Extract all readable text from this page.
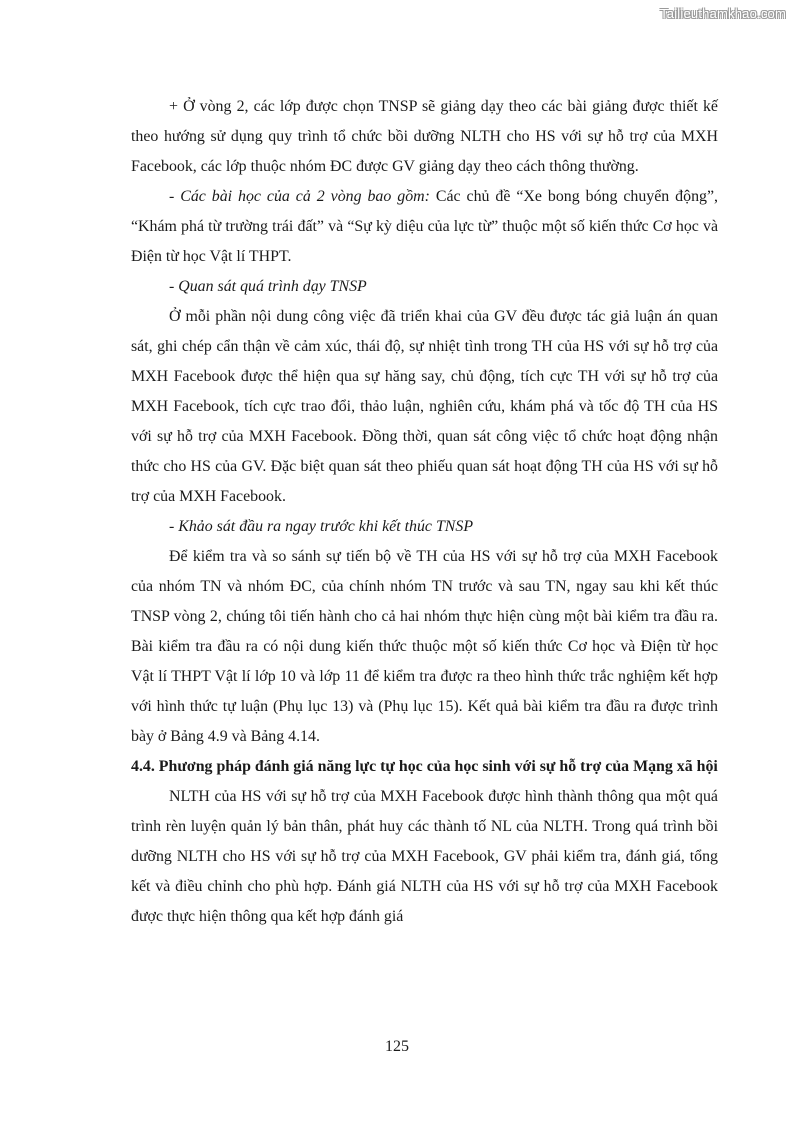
Tailieuthamkhao.com

+ Ở vòng 2, các lớp được chọn TNSP sẽ giảng dạy theo các bài giảng được thiết kế theo hướng sử dụng quy trình tổ chức bồi dưỡng NLTH cho HS với sự hỗ trợ của MXH Facebook, các lớp thuộc nhóm ĐC được GV giảng dạy theo cách thông thường.

- Các bài học của cả 2 vòng bao gồm: Các chủ đề “Xe bong bóng chuyển động”, “Khám phá từ trường trái đất” và “Sự kỳ diệu của lực từ” thuộc một số kiến thức Cơ học và Điện từ học Vật lí THPT.

- Quan sát quá trình dạy TNSP

Ở mỗi phần nội dung công việc đã triển khai của GV đều được tác giả luận án quan sát, ghi chép cẩn thận về cảm xúc, thái độ, sự nhiệt tình trong TH của HS với sự hỗ trợ của MXH Facebook được thể hiện qua sự hăng say, chủ động, tích cực TH với sự hỗ trợ của MXH Facebook, tích cực trao đổi, thảo luận, nghiên cứu, khám phá và tốc độ TH của HS với sự hỗ trợ của MXH Facebook. Đồng thời, quan sát công việc tổ chức hoạt động nhận thức cho HS của GV. Đặc biệt quan sát theo phiếu quan sát hoạt động TH của HS với sự hỗ trợ của MXH Facebook.

- Khảo sát đầu ra ngay trước khi kết thúc TNSP

Để kiểm tra và so sánh sự tiến bộ về TH của HS với sự hỗ trợ của MXH Facebook của nhóm TN và nhóm ĐC, của chính nhóm TN trước và sau TN, ngay sau khi kết thúc TNSP vòng 2, chúng tôi tiến hành cho cả hai nhóm thực hiện cùng một bài kiểm tra đầu ra. Bài kiểm tra đầu ra có nội dung kiến thức thuộc một số kiến thức Cơ học và Điện từ học Vật lí THPT Vật lí lớp 10 và lớp 11 để kiểm tra được ra theo hình thức trắc nghiệm kết hợp với hình thức tự luận (Phụ lục 13) và (Phụ lục 15). Kết quả bài kiểm tra đầu ra được trình bày ở Bảng 4.9 và Bảng 4.14.

4.4. Phương pháp đánh giá năng lực tự học của học sinh với sự hỗ trợ của Mạng xã hội

NLTH của HS với sự hỗ trợ của MXH Facebook được hình thành thông qua một quá trình rèn luyện quản lý bản thân, phát huy các thành tố NL của NLTH. Trong quá trình bồi dưỡng NLTH cho HS với sự hỗ trợ của MXH Facebook, GV phải kiểm tra, đánh giá, tổng kết và điều chỉnh cho phù hợp. Đánh giá NLTH của HS với sự hỗ trợ của MXH Facebook được thực hiện thông qua kết hợp đánh giá

125
